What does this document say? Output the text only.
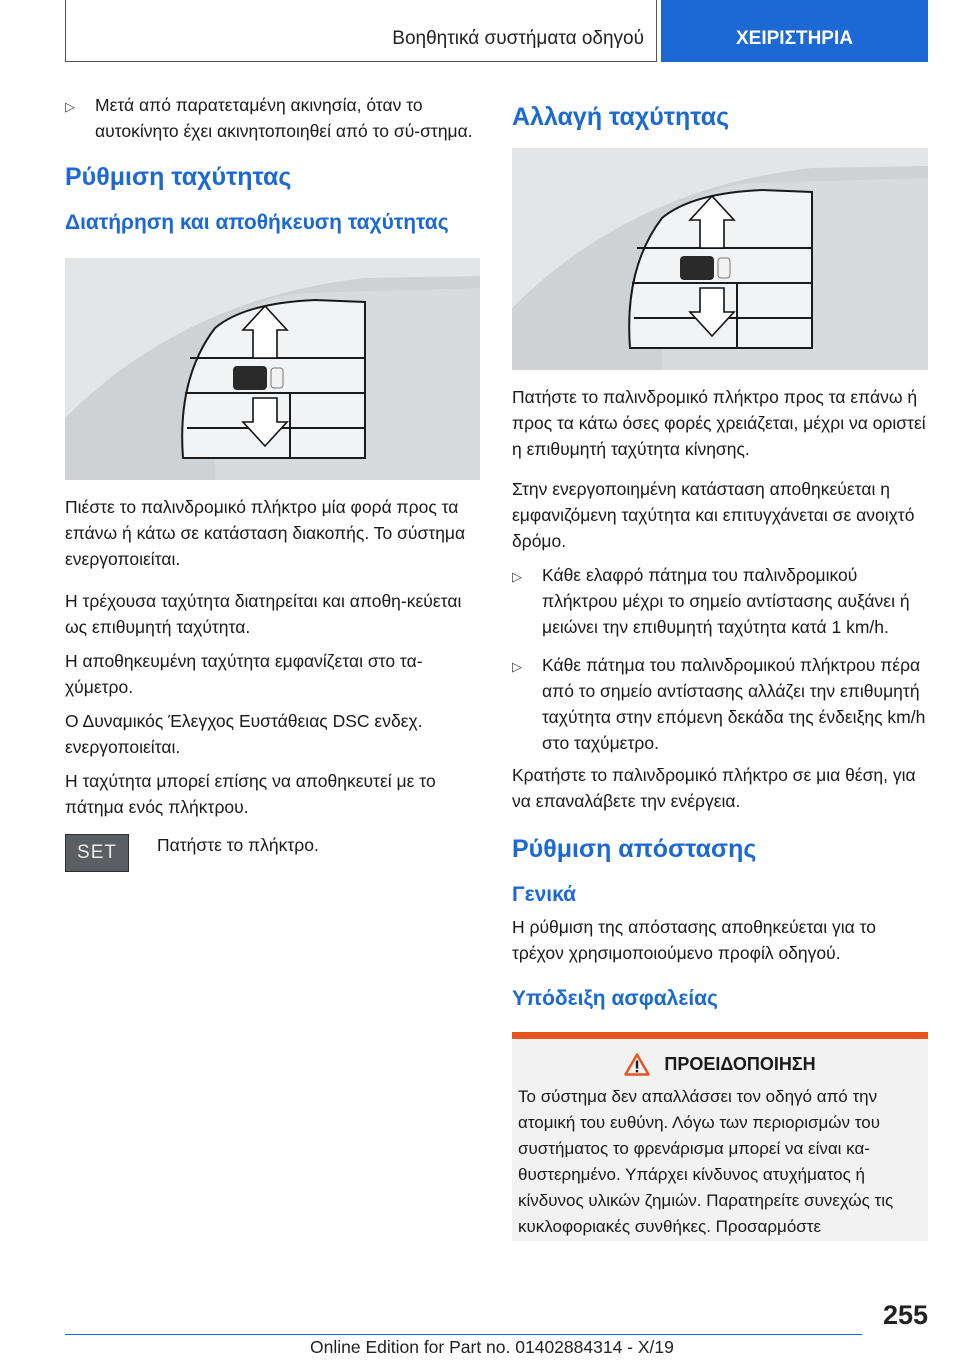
Βοηθητικά συστήματα οδηγού	ΧΕΙΡΙΣΤΗΡΙΑ
▷	Μετά από παρατεταμένη ακινησία, όταν το αυτοκίνητο έχει ακινητοποιηθεί από το σύ-στημα.
Ρύθμιση ταχύτητας
Διατήρηση και αποθήκευση ταχύτητας

Πιέστε το παλινδρομικό πλήκτρο μία φορά προς τα επάνω ή κάτω σε κατάσταση διακοπής. Το σύστημα ενεργοποιείται.

Η τρέχουσα ταχύτητα διατηρείται και αποθη-κεύεται ως επιθυμητή ταχύτητα.

Η αποθηκευμένη ταχύτητα εμφανίζεται στο τα-χύμετρο.

Ο Δυναμικός Έλεγχος Ευστάθειας DSC ενδεχ. ενεργοποιείται.

Η ταχύτητα μπορεί επίσης να αποθηκευτεί με το πάτημα ενός πλήκτρου.

SET	Πατήστε το πλήκτρο.

Αλλαγή ταχύτητας

Πατήστε το παλινδρομικό πλήκτρο προς τα επάνω ή προς τα κάτω όσες φορές χρειάζεται, μέχρι να οριστεί η επιθυμητή ταχύτητα κίνησης.

Στην ενεργοποιημένη κατάσταση αποθηκεύεται η εμφανιζόμενη ταχύτητα και επιτυγχάνεται σε ανοιχτό δρόμο.

▷	Κάθε ελαφρό πάτημα του παλινδρομικού πλήκτρου μέχρι το σημείο αντίστασης αυξάνει ή μειώνει την επιθυμητή ταχύτητα κατά 1 km/h.
▷	Κάθε πάτημα του παλινδρομικού πλήκτρου πέρα από το σημείο αντίστασης αλλάζει την επιθυμητή ταχύτητα στην επόμενη δεκάδα της ένδειξης km/h στο ταχύμετρο.

Κρατήστε το παλινδρομικό πλήκτρο σε μια θέση, για να επαναλάβετε την ενέργεια.

Ρύθμιση απόστασης
Γενικά

Η ρύθμιση της απόστασης αποθηκεύεται για το τρέχον χρησιμοποιούμενο προφίλ οδηγού.

Υπόδειξη ασφαλείας
ΠΡΟΕΙΔΟΠΟΙΗΣΗ

Το σύστημα δεν απαλλάσσει τον οδηγό από την ατομική του ευθύνη. Λόγω των περιορισμών του συστήματος το φρενάρισμα μπορεί να είναι κα-θυστερημένο. Υπάρχει κίνδυνος ατυχήματος ή κίνδυνος υλικών ζημιών. Παρατηρείτε συνεχώς τις κυκλοφοριακές συνθήκες. Προσαρμόστε

255
Online Edition for Part no. 01402884314 - X/19
